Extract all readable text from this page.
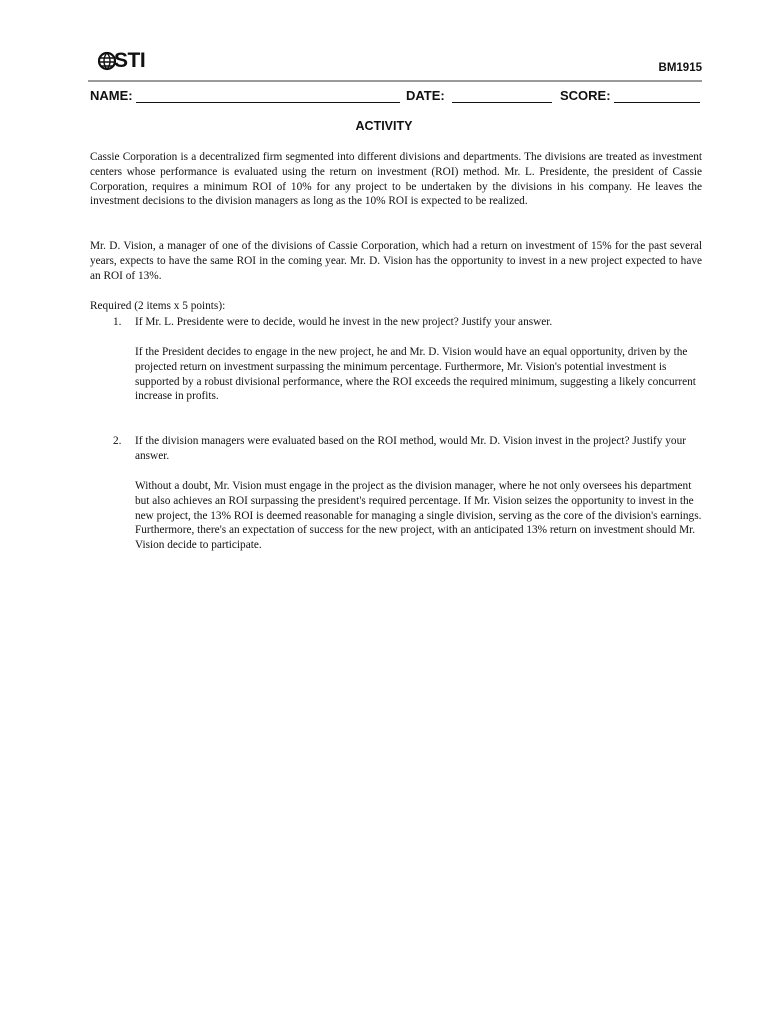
STI	BM1915
NAME:	DATE:	SCORE:
ACTIVITY

Cassie Corporation is a decentralized firm segmented into different divisions and departments. The divisions are treated as investment centers whose performance is evaluated using the return on investment (ROI) method. Mr. L. Presidente, the president of Cassie Corporation, requires a minimum ROI of 10% for any project to be undertaken by the divisions in his company. He leaves the investment decisions to the division managers as long as the 10% ROI is expected to be realized.

Mr. D. Vision, a manager of one of the divisions of Cassie Corporation, which had a return on investment of 15% for the past several years, expects to have the same ROI in the coming year. Mr. D. Vision has the opportunity to invest in a new project expected to have an ROI of 13%.

Required (2 items x 5 points):
1. If Mr. L. Presidente were to decide, would he invest in the new project? Justify your answer.
If the President decides to engage in the new project, he and Mr. D. Vision would have an equal opportunity, driven by the projected return on investment surpassing the minimum percentage. Furthermore, Mr. Vision's potential investment is supported by a robust divisional performance, where the ROI exceeds the required minimum, suggesting a likely concurrent increase in profits.
2. If the division managers were evaluated based on the ROI method, would Mr. D. Vision invest in the project? Justify your answer.
Without a doubt, Mr. Vision must engage in the project as the division manager, where he not only oversees his department but also achieves an ROI surpassing the president's required percentage. If Mr. Vision seizes the opportunity to invest in the new project, the 13% ROI is deemed reasonable for managing a single division, serving as the core of the division's earnings. Furthermore, there's an expectation of success for the new project, with an anticipated 13% return on investment should Mr. Vision decide to participate.
